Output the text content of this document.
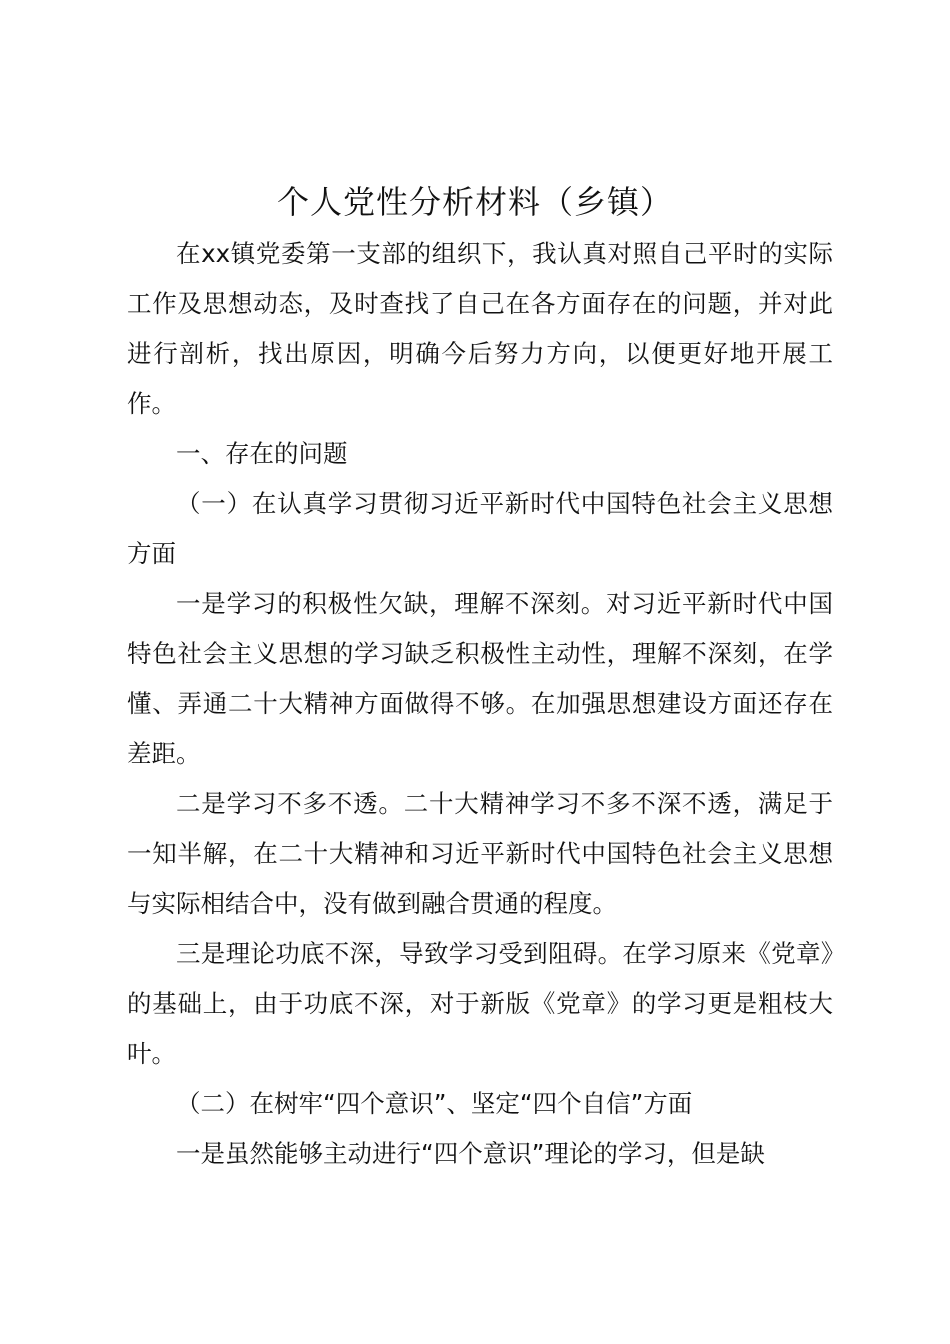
个人党性分析材料（乡镇）

在xx镇党委第一支部的组织下，我认真对照自己平时的实际工作及思想动态，及时查找了自己在各方面存在的问题，并对此进行剖析，找出原因，明确今后努力方向，以便更好地开展工作。

一、存在的问题

（一）在认真学习贯彻习近平新时代中国特色社会主义思想方面

一是学习的积极性欠缺，理解不深刻。对习近平新时代中国特色社会主义思想的学习缺乏积极性主动性，理解不深刻，在学懂、弄通二十大精神方面做得不够。在加强思想建设方面还存在差距。

二是学习不多不透。二十大精神学习不多不深不透，满足于一知半解，在二十大精神和习近平新时代中国特色社会主义思想与实际相结合中，没有做到融合贯通的程度。

三是理论功底不深，导致学习受到阻碍。在学习原来《党章》的基础上，由于功底不深，对于新版《党章》的学习更是粗枝大叶。

（二）在树牢“四个意识”、坚定“四个自信”方面

一是虽然能够主动进行“四个意识”理论的学习，但是缺
